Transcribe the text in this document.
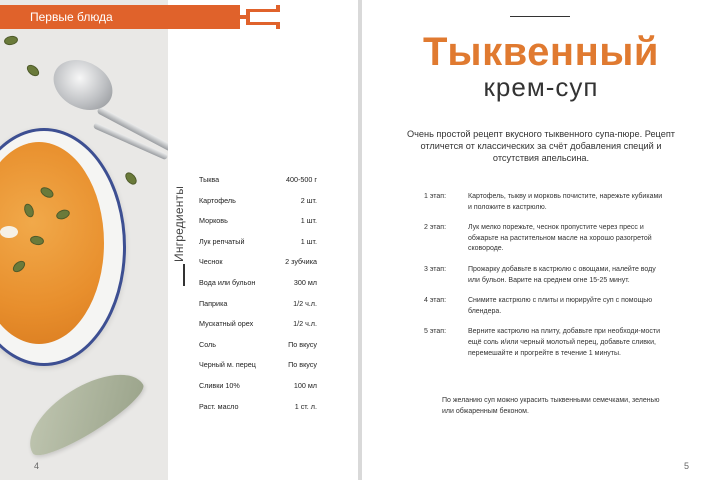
Первые блюда
Ингредиенты
Тыква	400-500 г
Картофель	2 шт.
Морковь	1 шт.
Лук репчатый	1 шт.
Чеснок	2 зубчика
Вода или бульон	300 мл
Паприка	1/2 ч.л.
Мускатный орех	1/2 ч.л.
Соль	По вкусу
Черный м. перец	По вкусу
Сливки 10%	100 мл
Раст. масло	1 ст. л.
4
Тыквенный
крем-суп
Очень простой рецепт вкусного тыквенного супа-пюре. Рецепт отличется от классических за счёт добавления специй и отсутствия апельсина.
1 этап:	Картофель, тыкву и морковь почистите, нарежьте кубиками и положите в кастрюлю.
2 этап:	Лук мелко порежьте, чеснок пропустите через пресс и обжарьте на растительном масле на хорошо разогретой сковороде.
3 этап:	Прожарку добавьте в кастрюлю с овощами, налейте воду или бульон. Варите на среднем огне 15-25 минут.
4 этап:	Снимите кастрюлю с плиты и пюрируйте суп с помощью блендера.
5 этап:	Верните кастрюлю на плиту, добавьте при необходи-мости ещё соль и/или черный молотый перец, добавьте сливки, перемешайте и прогрейте в течение 1 минуты.
По желанию суп можно украсить тыквенными семечками, зеленью или обжаренным беконом.
5
